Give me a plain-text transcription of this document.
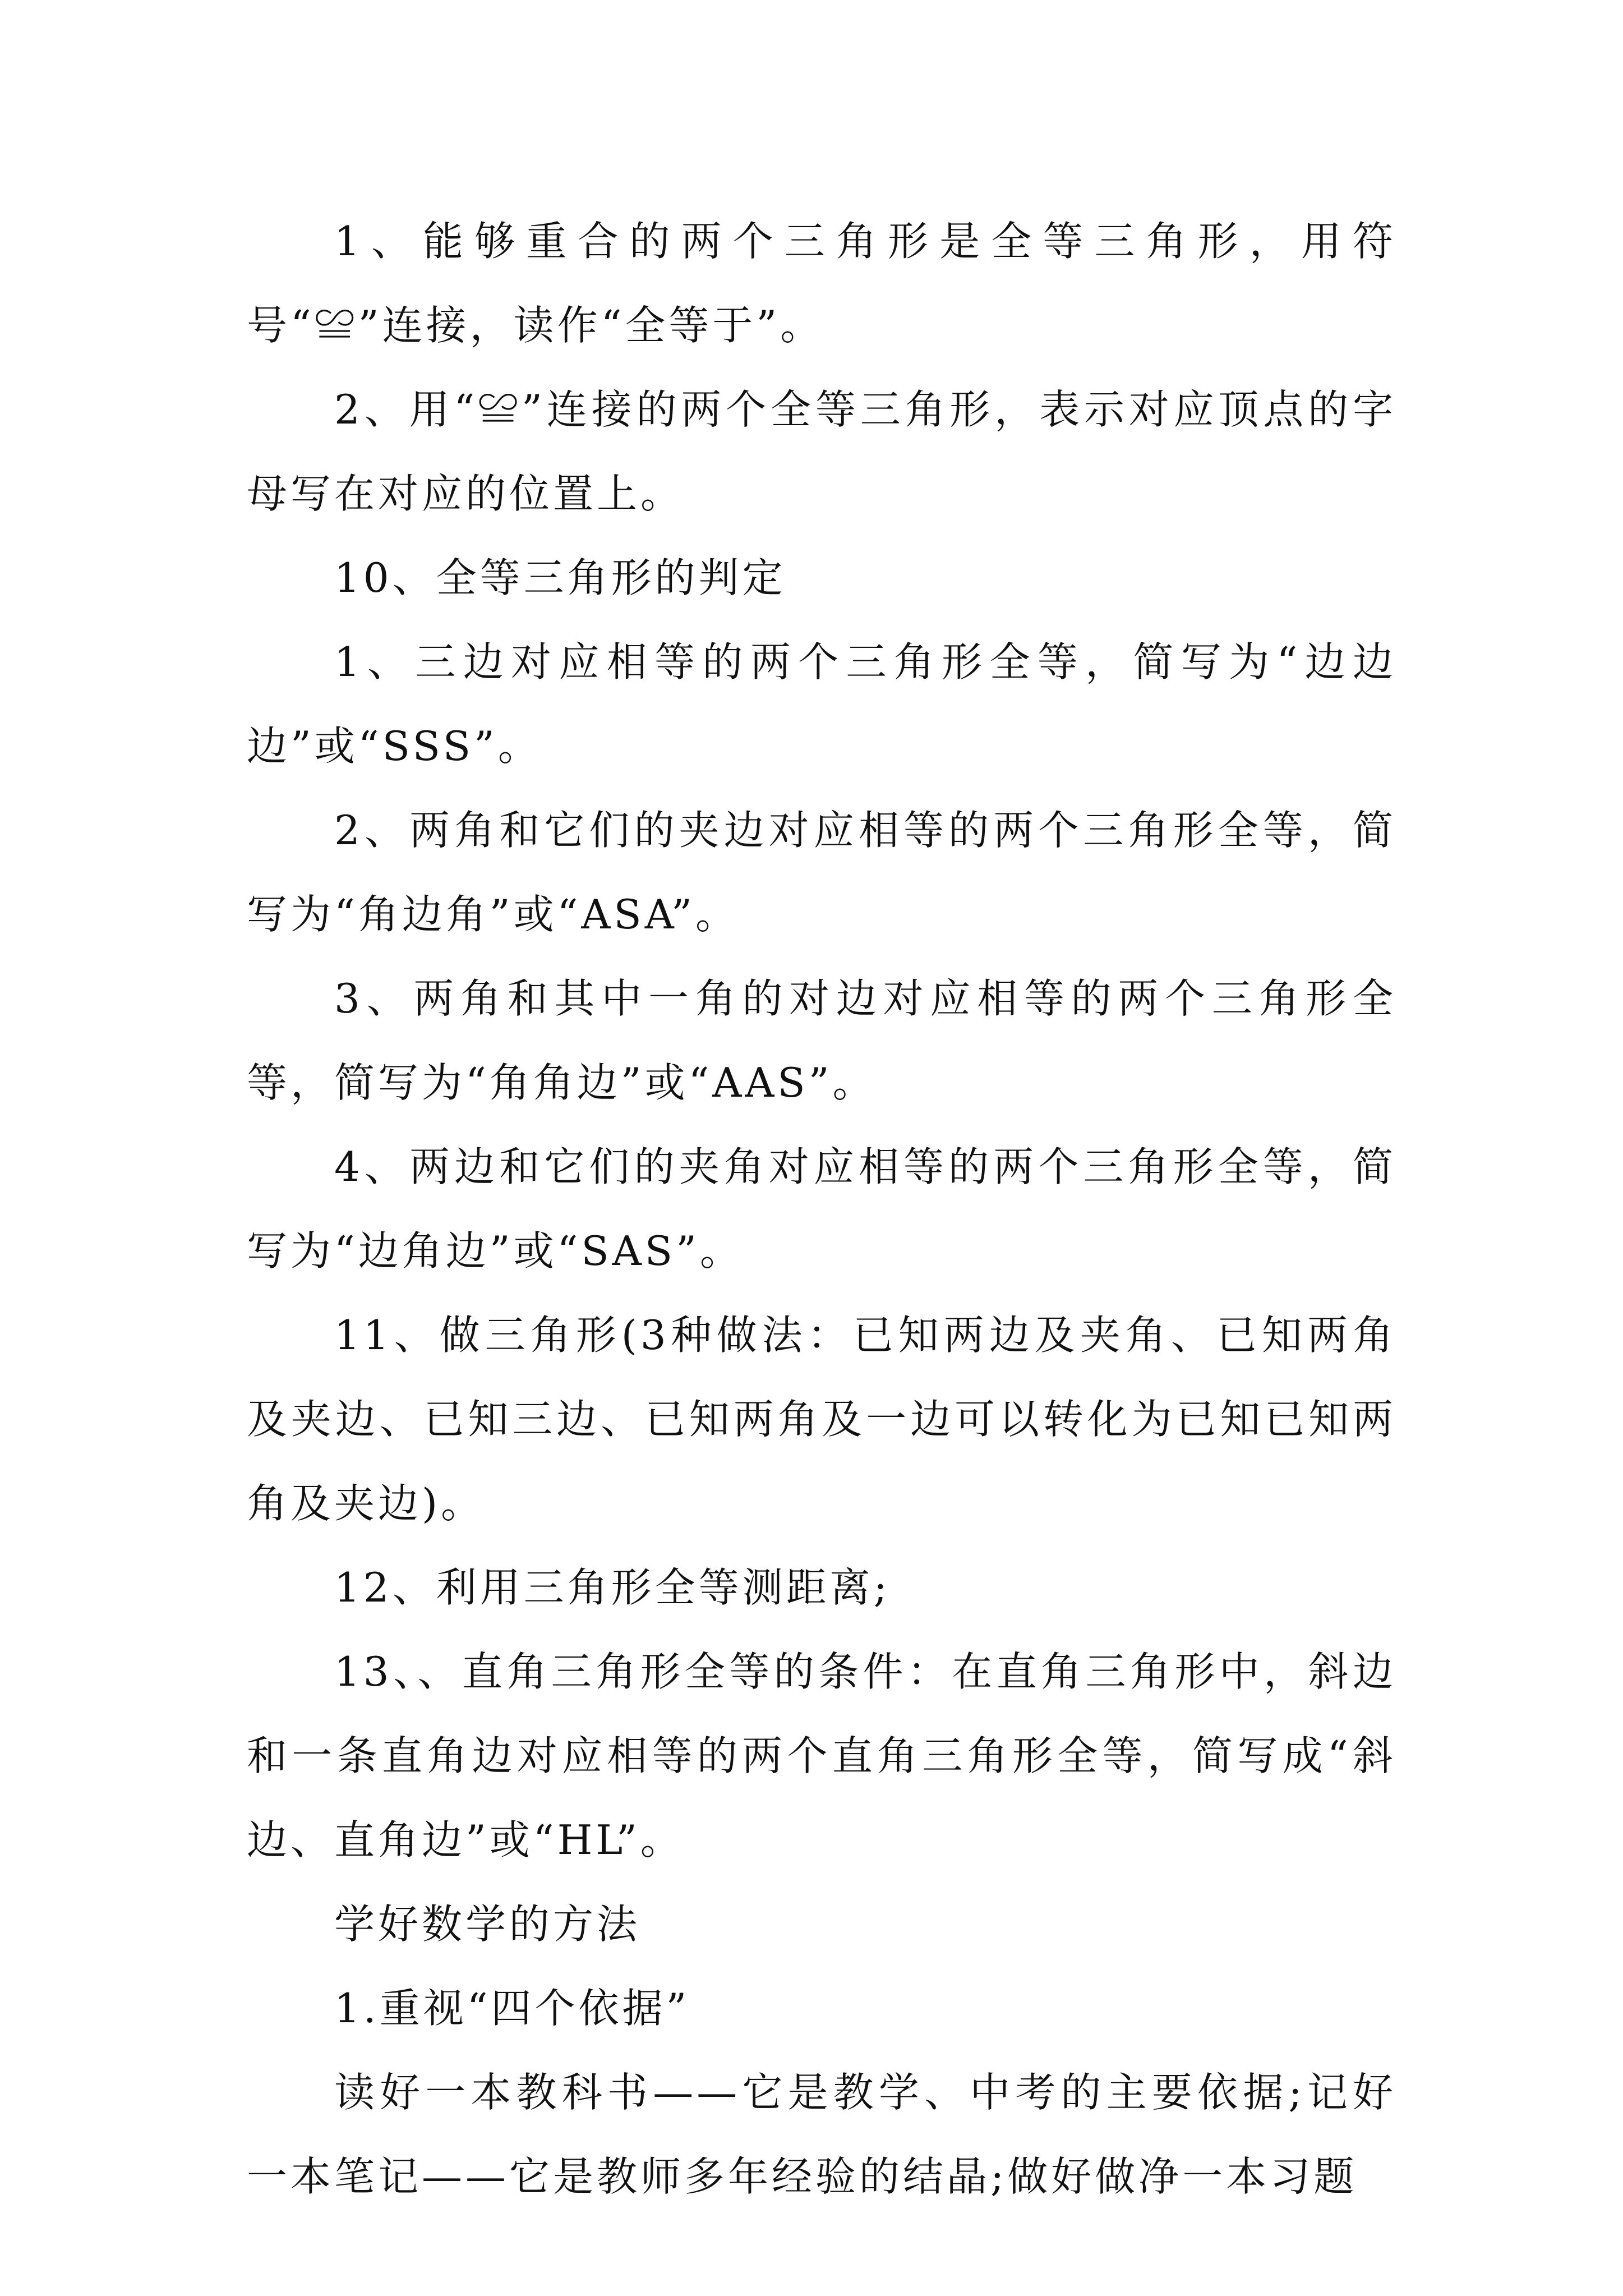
1、能够重合的两个三角形是全等三角形，用符号“≌”连接，读作“全等于”。

2、用“≌”连接的两个全等三角形，表示对应顶点的字母写在对应的位置上。

10、全等三角形的判定

1、三边对应相等的两个三角形全等，简写为“边边边”或“SSS”。

2、两角和它们的夹边对应相等的两个三角形全等，简写为“角边角”或“ASA”。

3、两角和其中一角的对边对应相等的两个三角形全等，简写为“角角边”或“AAS”。

4、两边和它们的夹角对应相等的两个三角形全等，简写为“边角边”或“SAS”。

11、做三角形(3种做法：已知两边及夹角、已知两角及夹边、已知三边、已知两角及一边可以转化为已知已知两角及夹边)。

12、利用三角形全等测距离;

13、、直角三角形全等的条件：在直角三角形中，斜边和一条直角边对应相等的两个直角三角形全等，简写成“斜边、直角边”或“HL”。

学好数学的方法

1.重视“四个依据”

读好一本教科书——它是教学、中考的主要依据;记好一本笔记——它是教师多年经验的结晶;做好做净一本习题
